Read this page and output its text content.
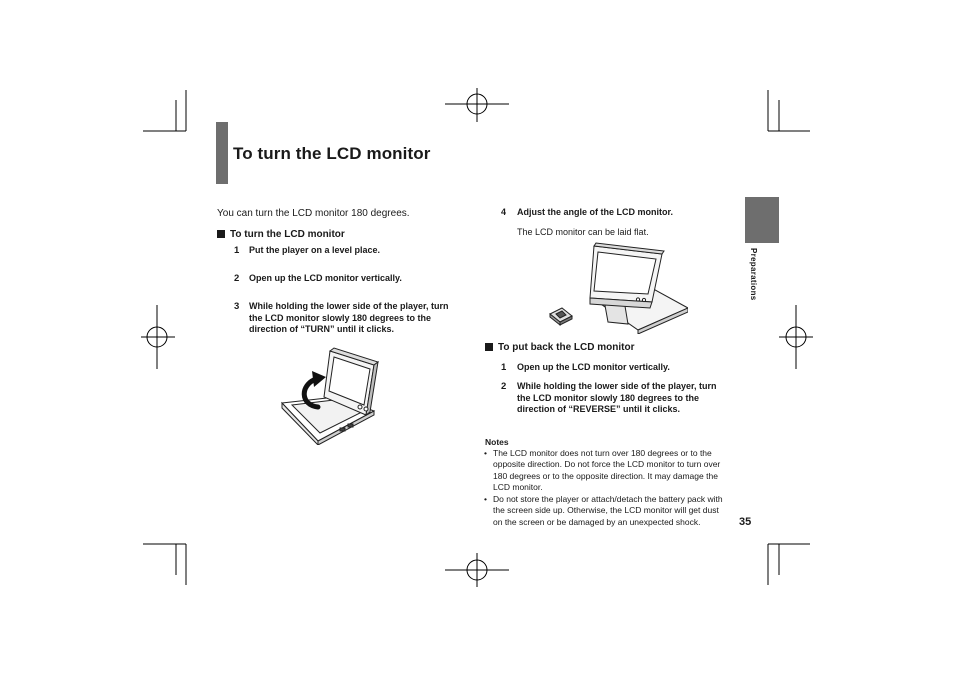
To turn the LCD monitor
You can turn the LCD monitor 180 degrees.
To turn the LCD monitor
1 Put the player on a level place.
2 Open up the LCD monitor vertically.
3 While holding the lower side of the player, turn
the LCD monitor slowly 180 degrees to the
direction of “TURN” until it clicks.
4 Adjust the angle of the LCD monitor.
The LCD monitor can be laid flat.
To put back the LCD monitor
1 Open up the LCD monitor vertically.
2 While holding the lower side of the player, turn
the LCD monitor slowly 180 degrees to the
direction of “REVERSE” until it clicks.
Notes
• The LCD monitor does not turn over 180 degrees or to the
opposite direction. Do not force the LCD monitor to turn over
180 degrees or to the opposite direction. It may damage the
LCD monitor.
• Do not store the player or attach/detach the battery pack with
the screen side up. Otherwise, the LCD monitor will get dust
on the screen or be damaged by an unexpected shock.
Preparations
35
